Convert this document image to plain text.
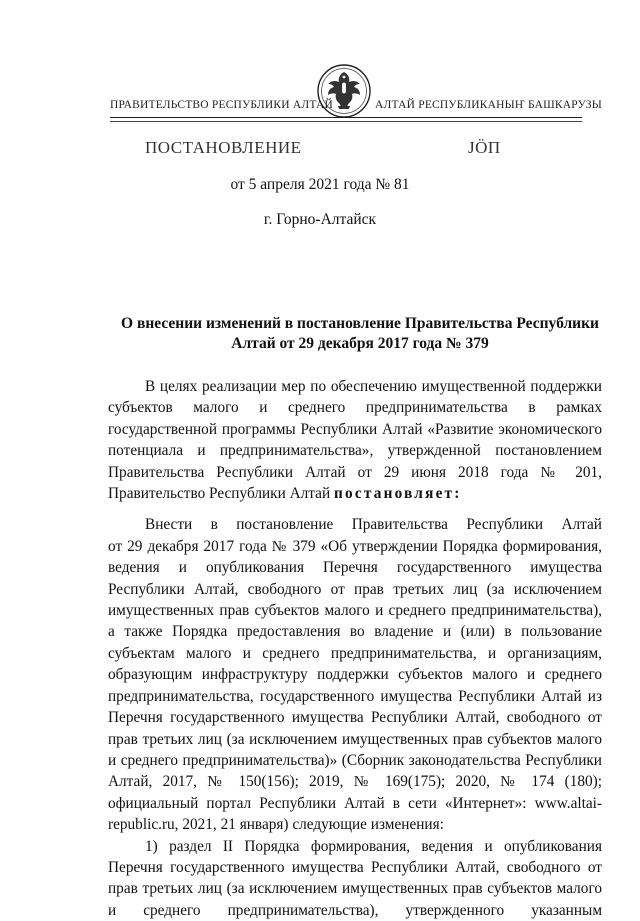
ПРАВИТЕЛЬСТВО РЕСПУБЛИКИ АЛТАЙ	АЛТАЙ РЕСПУБЛИКАНЫҤ БАШКАРУЗЫ
ПОСТАНОВЛЕНИЕ	JÖП
от 5 апреля 2021 года № 81
г. Горно-Алтайск
О внесении изменений в постановление Правительства Республики
Алтай от 29 декабря 2017 года № 379

В целях реализации мер по обеспечению имущественной поддержки

субъектов малого и среднего предпринимательства в рамках

государственной программы Республики Алтай «Развитие экономического

потенциала и предпринимательства», утвержденной постановлением

Правительства Республики Алтай от 29 июня 2018 года № 201,

Правительство Республики Алтай постановляет:

Внести в постановление Правительства Республики Алтай

от 29 декабря 2017 года № 379 «Об утверждении Порядка формирования,

ведения и опубликования Перечня государственного имущества

Республики Алтай, свободного от прав третьих лиц (за исключением

имущественных прав субъектов малого и среднего предпринимательства),

а также Порядка предоставления во владение и (или) в пользование

субъектам малого и среднего предпринимательства, и организациям,

образующим инфраструктуру поддержки субъектов малого и среднего

предпринимательства, государственного имущества Республики Алтай из

Перечня государственного имущества Республики Алтай, свободного от

прав третьих лиц (за исключением имущественных прав субъектов малого

и среднего предпринимательства)» (Сборник законодательства Республики

Алтай, 2017, № 150(156); 2019, № 169(175); 2020, № 174 (180);

официальный портал Республики Алтай в сети «Интернет»: www.altai-

republic.ru, 2021, 21 января) следующие изменения:

1) раздел II Порядка формирования, ведения и опубликования

Перечня государственного имущества Республики Алтай, свободного от

прав третьих лиц (за исключением имущественных прав субъектов малого

и среднего предпринимательства), утвержденного указанным
